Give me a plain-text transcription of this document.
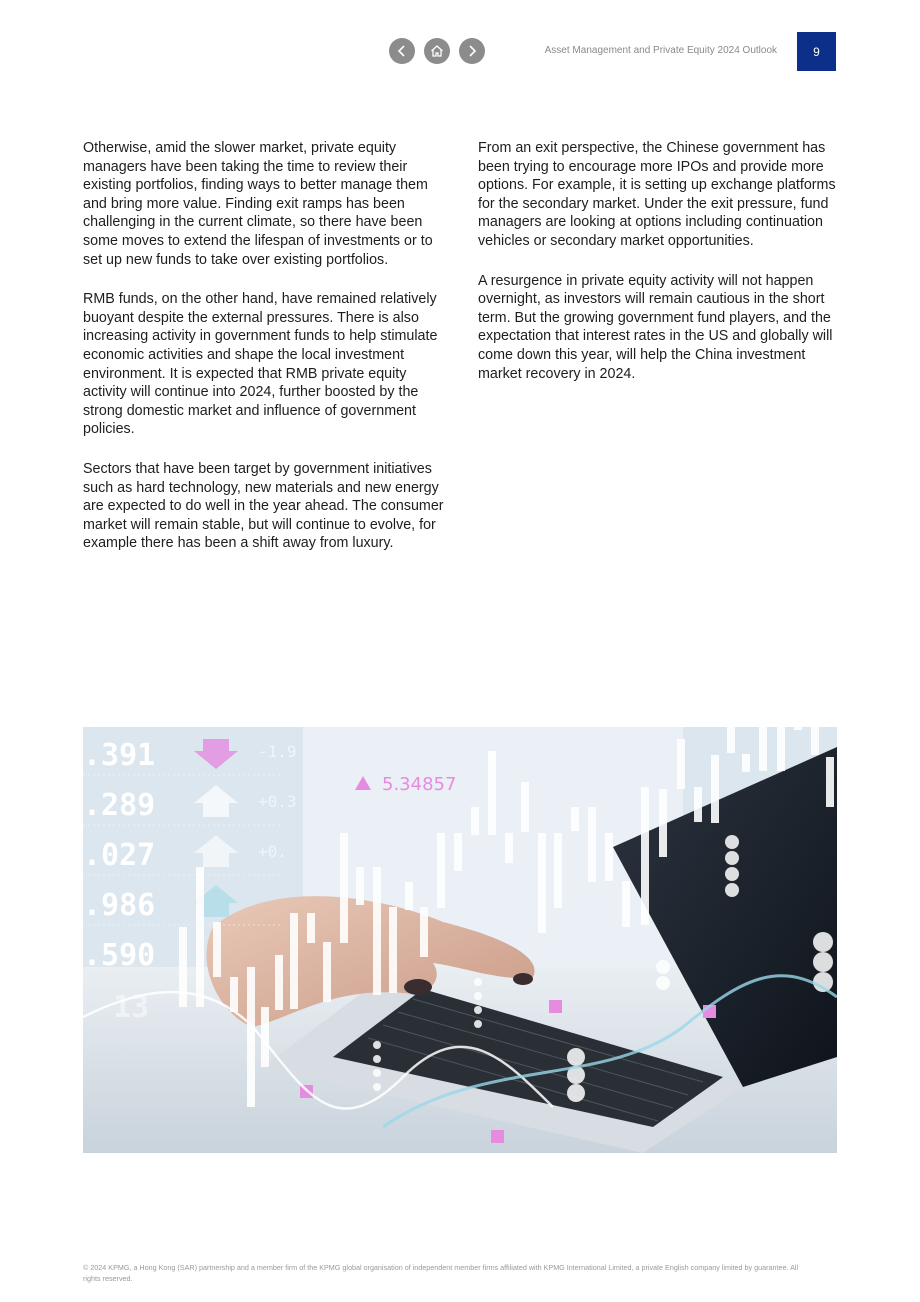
Asset Management and Private Equity 2024 Outlook	9

Otherwise, amid the slower market, private equity managers have been taking the time to review their existing portfolios, finding ways to better manage them and bring more value. Finding exit ramps has been challenging in the current climate, so there have been some moves to extend the lifespan of investments or to set up new funds to take over existing portfolios.

RMB funds, on the other hand, have remained relatively buoyant despite the external pressures. There is also increasing activity in government funds to help stimulate economic activities and shape the local investment environment. It is expected that RMB private equity activity will continue into 2024, further boosted by the strong domestic market and influence of government policies.

Sectors that have been target by government initiatives such as hard technology, new materials and new energy are expected to do well in the year ahead. The consumer market will remain stable, but will continue to evolve, for example there has been a shift away from luxury.

From an exit perspective, the Chinese government has been trying to encourage more IPOs and provide more options. For example, it is setting up exchange platforms for the secondary market. Under the exit pressure, fund managers are looking at options including continuation vehicles or secondary market opportunities.

A resurgence in private equity activity will not happen overnight, as investors will remain cautious in the short term. But the growing government fund players, and the expectation that interest rates in the US and globally will come down this year, will help the China investment market recovery in 2024.

.391
.289
.027
.986
.590
13
-1.9
+0.3
+0.
5.34857
© 2024 KPMG, a Hong Kong (SAR) partnership and a member firm of the KPMG global organisation of independent member firms affiliated with KPMG International Limited, a private English company limited by guarantee. All rights reserved.
